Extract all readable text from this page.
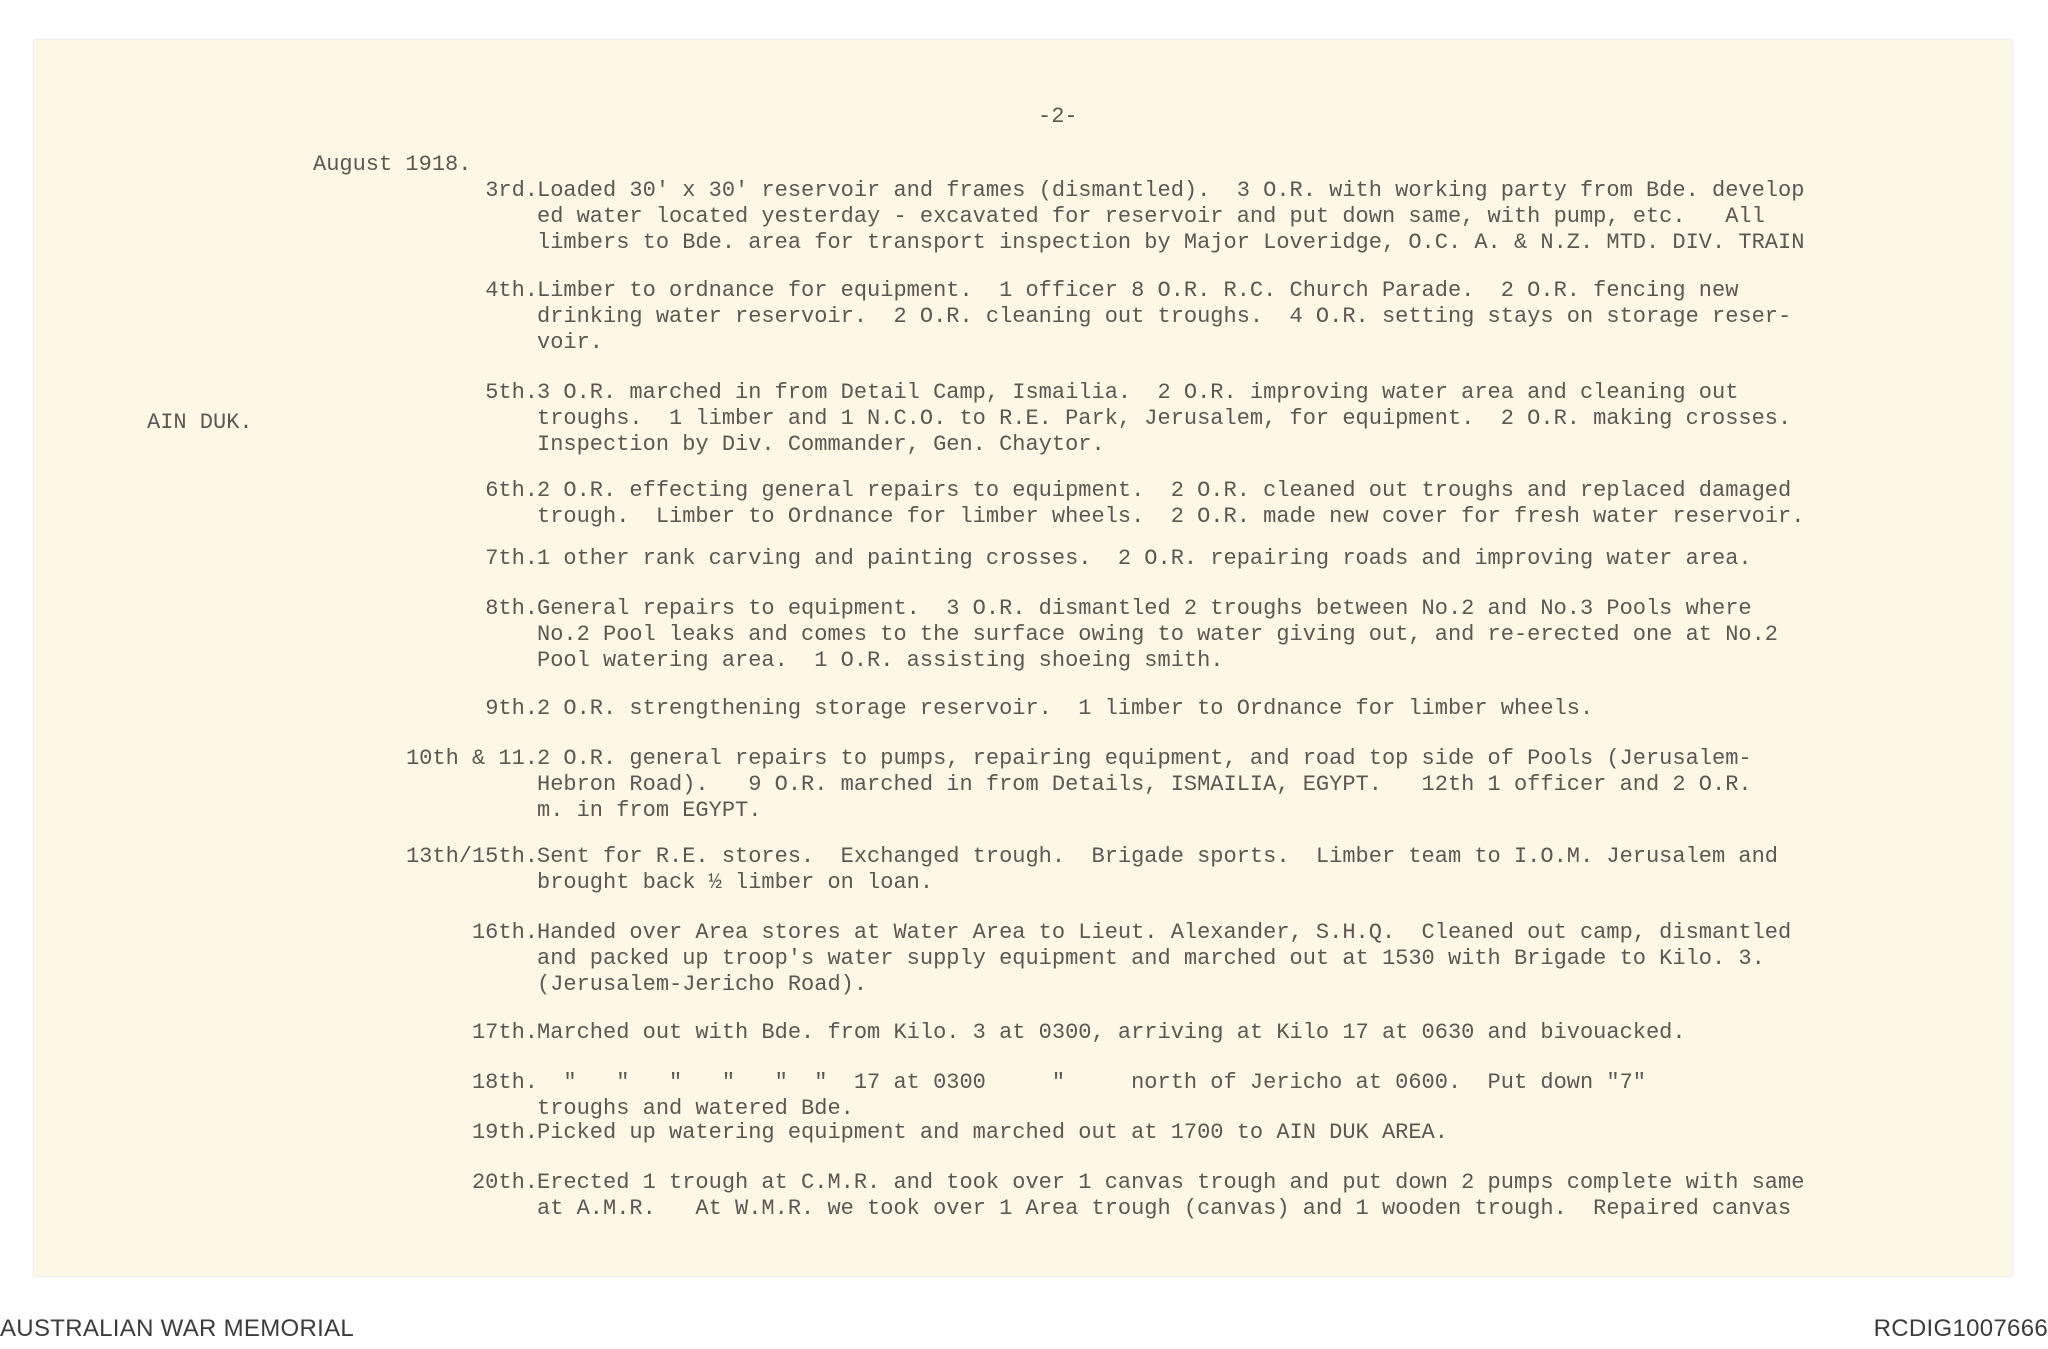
-2-
August 1918.
AIN DUK.
3rd. Loaded 30' x 30' reservoir and frames (dismantled).  3 O.R. with working party from Bde. develop
ed water located yesterday - excavated for reservoir and put down same, with pump, etc.   All
limbers to Bde. area for transport inspection by Major Loveridge, O.C. A. & N.Z. MTD. DIV. TRAIN
4th. Limber to ordnance for equipment.  1 officer 8 O.R. R.C. Church Parade.  2 O.R. fencing new
drinking water reservoir.  2 O.R. cleaning out troughs.  4 O.R. setting stays on storage reser-
voir.
5th. 3 O.R. marched in from Detail Camp, Ismailia.  2 O.R. improving water area and cleaning out
troughs.  1 limber and 1 N.C.O. to R.E. Park, Jerusalem, for equipment.  2 O.R. making crosses.
Inspection by Div. Commander, Gen. Chaytor.
6th. 2 O.R. effecting general repairs to equipment.  2 O.R. cleaned out troughs and replaced damaged
trough.  Limber to Ordnance for limber wheels.  2 O.R. made new cover for fresh water reservoir.
7th. 1 other rank carving and painting crosses.  2 O.R. repairing roads and improving water area.
8th. General repairs to equipment.  3 O.R. dismantled 2 troughs between No.2 and No.3 Pools where
No.2 Pool leaks and comes to the surface owing to water giving out, and re-erected one at No.2
Pool watering area.  1 O.R. assisting shoeing smith.
9th. 2 O.R. strengthening storage reservoir.  1 limber to Ordnance for limber wheels.
10th & 11. 2 O.R. general repairs to pumps, repairing equipment, and road top side of Pools (Jerusalem-
Hebron Road).   9 O.R. marched in from Details, ISMAILIA, EGYPT.   12th 1 officer and 2 O.R.
m. in from EGYPT.
13th/15th. Sent for R.E. stores.  Exchanged trough.  Brigade sports.  Limber team to I.O.M. Jerusalem and
brought back ½ limber on loan.
16th. Handed over Area stores at Water Area to Lieut. Alexander, S.H.Q.  Cleaned out camp, dismantled
and packed up troop's water supply equipment and marched out at 1530 with Brigade to Kilo. 3.
(Jerusalem-Jericho Road).
17th. Marched out with Bde. from Kilo. 3 at 0300, arriving at Kilo 17 at 0630 and bivouacked.
18th. "   "   "   "   "  "  17 at 0300     "     north of Jericho at 0600.  Put down "7"
troughs and watered Bde.
19th. Picked up watering equipment and marched out at 1700 to AIN DUK AREA.
20th. Erected 1 trough at C.M.R. and took over 1 canvas trough and put down 2 pumps complete with same
at A.M.R.   At W.M.R. we took over 1 Area trough (canvas) and 1 wooden trough.  Repaired canvas
AUSTRALIAN WAR MEMORIAL	RCDIG1007666
